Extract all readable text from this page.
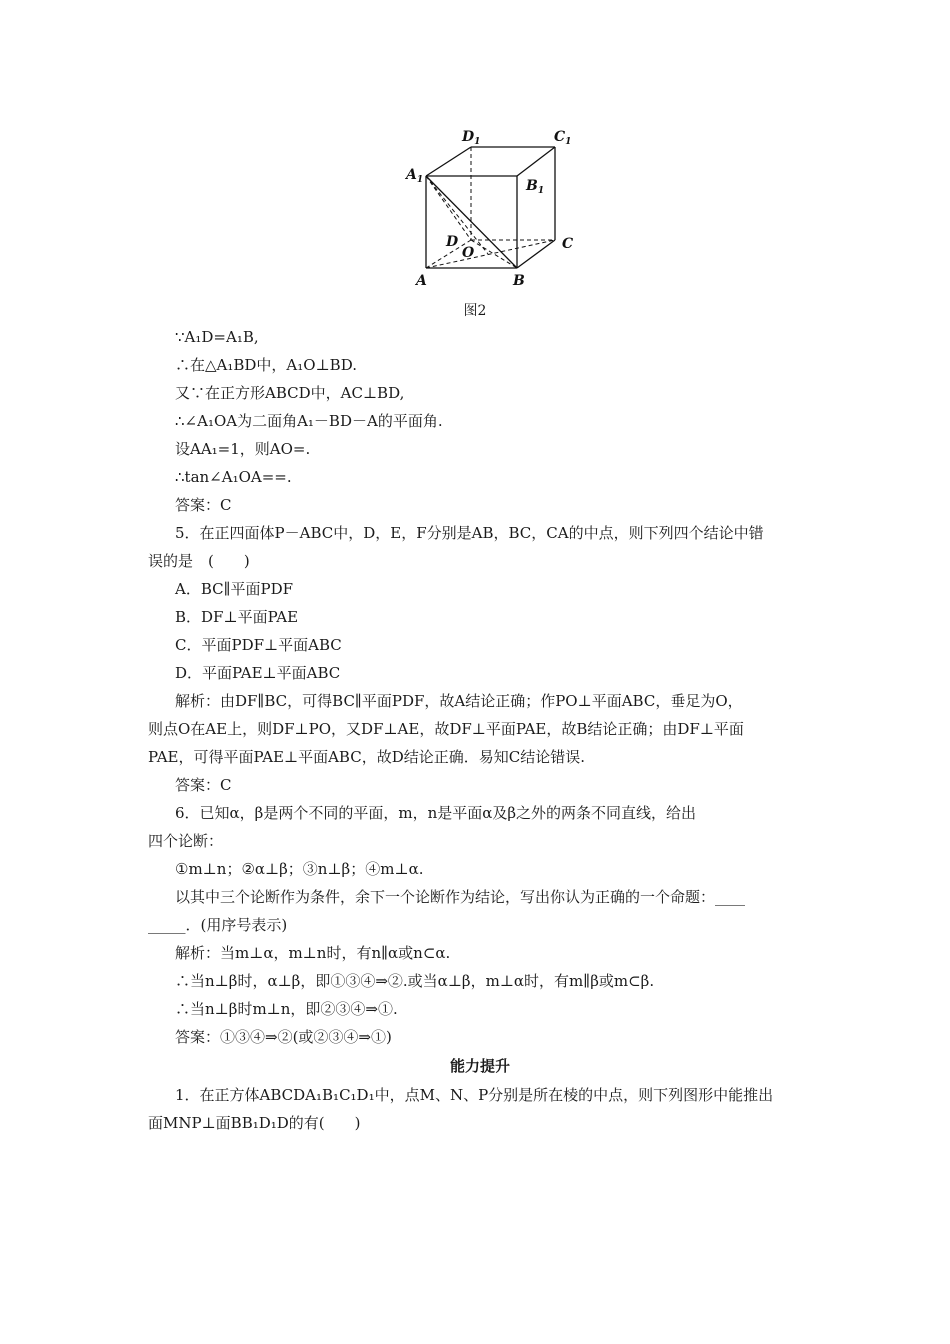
$D_1$	$C_1$
$A_1$	$B_1$
D
O
C
A	B
图2
∵A₁D=A₁B,
∴在△A₁BD中，A₁O⊥BD.
又∵在正方形ABCD中，AC⊥BD,
∴∠A₁OA为二面角A₁－BD－A的平面角.
设AA₁=1，则AO=.
∴tan∠A₁OA==.
答案：C
5．在正四面体P－ABC中，D，E，F分别是AB，BC，CA的中点，则下列四个结论中错
误的是　(　　)
A．BC∥平面PDF
B．DF⊥平面PAE
C．平面PDF⊥平面ABC
D．平面PAE⊥平面ABC
解析：由DF∥BC，可得BC∥平面PDF，故A结论正确；作PO⊥平面ABC，垂足为O，
则点O在AE上，则DF⊥PO，又DF⊥AE，故DF⊥平面PAE，故B结论正确；由DF⊥平面
PAE，可得平面PAE⊥平面ABC，故D结论正确．易知C结论错误.
答案：C
6．已知α，β是两个不同的平面，m，n是平面α及β之外的两条不同直线，给出
四个论断：
①m⊥n；②α⊥β；③n⊥β；④m⊥α.
以其中三个论断作为条件，余下一个论断作为结论，写出你认为正确的一个命题：____
_____．(用序号表示)
解析：当m⊥α，m⊥n时，有n∥α或n⊂α.
∴当n⊥β时，α⊥β，即①③④⇒②.或当α⊥β，m⊥α时，有m∥β或m⊂β.
∴当n⊥β时m⊥n，即②③④⇒①.
答案：①③④⇒②(或②③④⇒①)
能力提升
1．在正方体ABCDA₁B₁C₁D₁中，点M、N、P分别是所在棱的中点，则下列图形中能推出
面MNP⊥面BB₁D₁D的有(　　)
